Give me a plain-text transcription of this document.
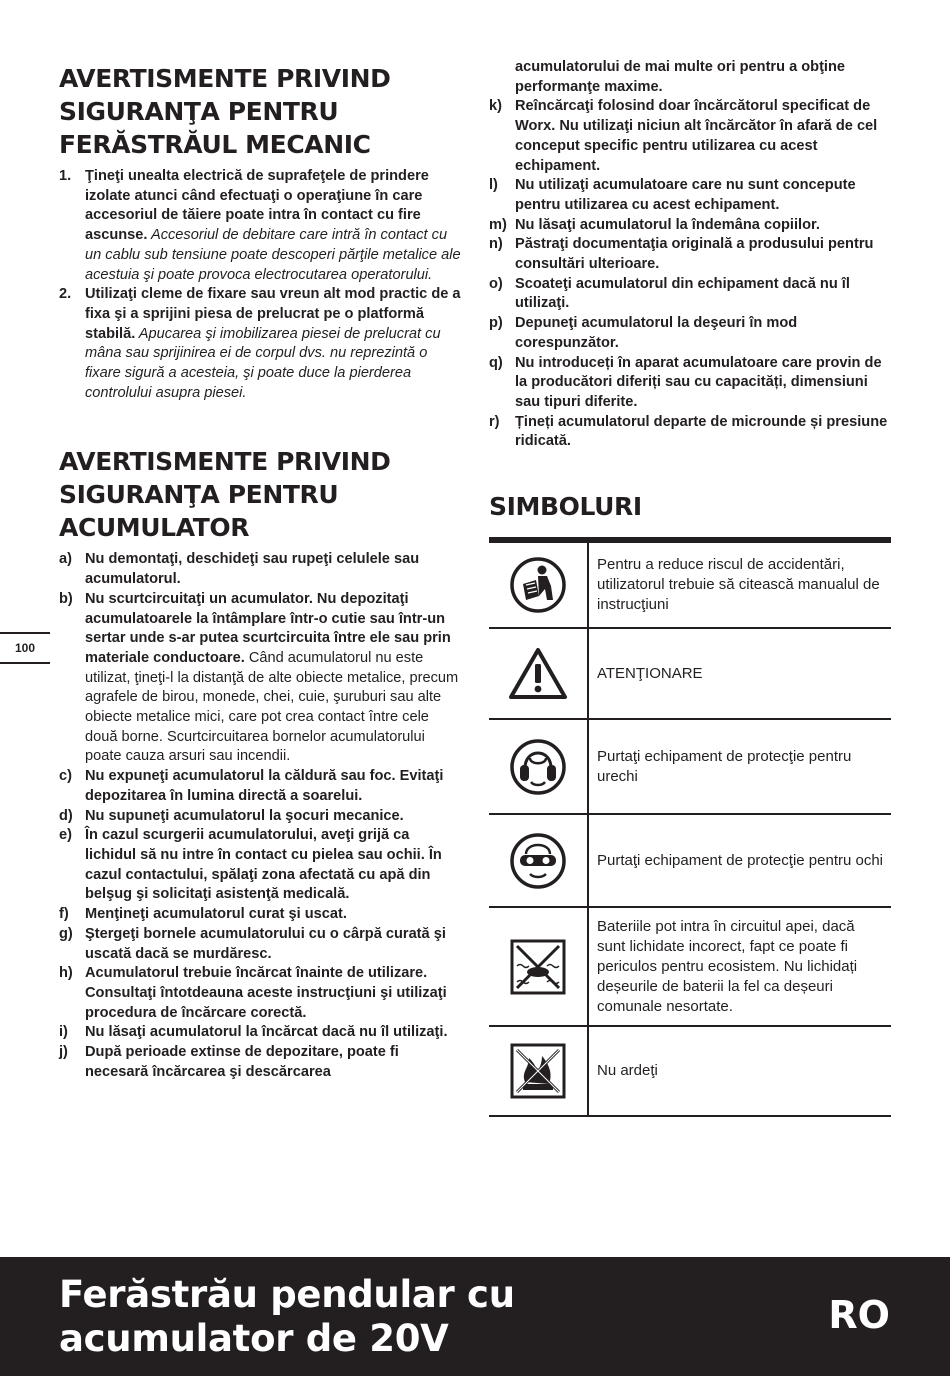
AVERTISMENTE PRIVIND
SIGURANŢA PENTRU
FERĂSTRĂUL MECANIC
1. Ţineţi unealta electrică de suprafeţele de prindere izolate atunci când efectuaţi o operaţiune în care accesoriul de tăiere poate intra în contact cu fire ascunse. Accesoriul de debitare care intră în contact cu un cablu sub tensiune poate descoperi părţile metalice ale acestuia şi poate provoca electrocutarea operatorului.
2. Utilizaţi cleme de fixare sau vreun alt mod practic de a fixa şi a sprijini piesa de prelucrat pe o platformă stabilă. Apucarea şi imobilizarea piesei de prelucrat cu mâna sau sprijinirea ei de corpul dvs. nu reprezintă o fixare sigură a acesteia, şi poate duce la pierderea controlului asupra piesei.
AVERTISMENTE PRIVIND
SIGURANŢA PENTRU
ACUMULATOR
a) Nu demontaţi, deschideţi sau rupeţi celulele sau acumulatorul.
b) Nu scurtcircuitaţi un acumulator. Nu depozitaţi acumulatoarele la întâmplare într-o cutie sau într-un sertar unde s-ar putea scurtcircuita între ele sau prin materiale conductoare. Când acumulatorul nu este utilizat, ţineţi-l la distanţă de alte obiecte metalice, precum agrafele de birou, monede, chei, cuie, şuruburi sau alte obiecte metalice mici, care pot crea contact între cele două borne. Scurtcircuitarea bornelor acumulatorului poate cauza arsuri sau incendii.
c) Nu expuneţi acumulatorul la căldură sau foc. Evitaţi depozitarea în lumina directă a soarelui.
d) Nu supuneţi acumulatorul la şocuri mecanice.
e) În cazul scurgerii acumulatorului, aveţi grijă ca lichidul să nu intre în contact cu pielea sau ochii. În cazul contactului, spălaţi zona afectată cu apă din belşug şi solicitaţi asistenţă medicală.
f) Menţineţi acumulatorul curat şi uscat.
g) Ştergeţi bornele acumulatorului cu o cârpă curată şi uscată dacă se murdăresc.
h) Acumulatorul trebuie încărcat înainte de utilizare. Consultaţi întotdeauna aceste instrucţiuni şi utilizaţi procedura de încărcare corectă.
i) Nu lăsaţi acumulatorul la încărcat dacă nu îl utilizaţi.
j) După perioade extinse de depozitare, poate fi necesară încărcarea şi descărcarea
acumulatorului de mai multe ori pentru a obţine performanţe maxime.
k) Reîncărcaţi folosind doar încărcătorul specificat de Worx. Nu utilizaţi niciun alt încărcător în afară de cel conceput specific pentru utilizarea cu acest echipament.
l) Nu utilizaţi acumulatoare care nu sunt concepute pentru utilizarea cu acest echipament.
m) Nu lăsaţi acumulatorul la îndemâna copiilor.
n) Păstraţi documentaţia originală a produsului pentru consultări ulterioare.
o) Scoateţi acumulatorul din echipament dacă nu îl utilizaţi.
p) Depuneţi acumulatorul la deşeuri în mod corespunzător.
q) Nu introduceți în aparat acumulatoare care provin de la producători diferiți sau cu capacități, dimensiuni sau tipuri diferite.
r) Țineți acumulatorul departe de microunde și presiune ridicată.
SIMBOLURI
Pentru a reduce riscul de accidentări, utilizatorul trebuie să citească manualul de instrucţiuni
ATENŢIONARE
Purtaţi echipament de protecţie pentru urechi
Purtaţi echipament de protecţie pentru ochi
Bateriile pot intra în circuitul apei, dacă sunt lichidate incorect, fapt ce poate fi periculos pentru ecosistem. Nu lichidați deșeurile de baterii la fel ca deșeuri comunale nesortate.
Nu ardeţi
100
Ferăstrău pendular cu
acumulator de 20V
RO
